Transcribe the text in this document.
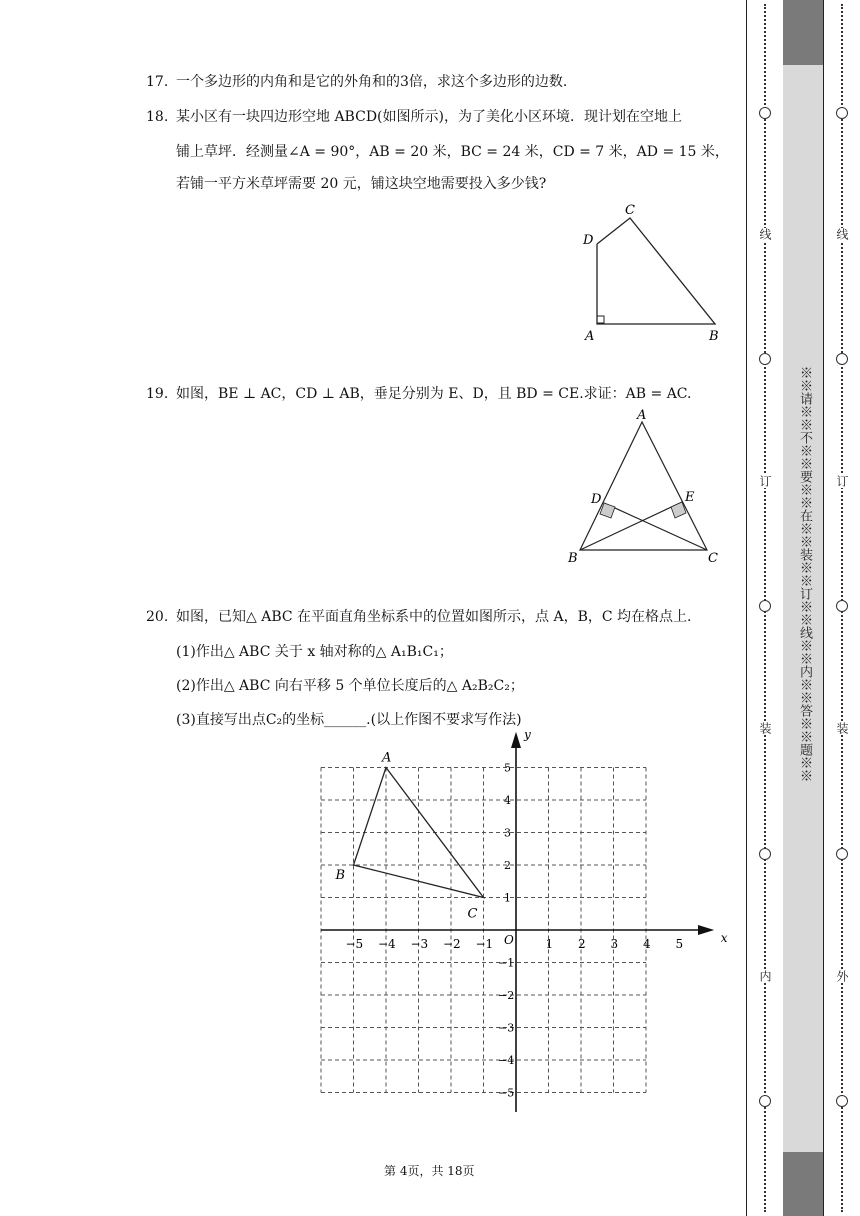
17. 一个多边形的内角和是它的外角和的3倍，求这个多边形的边数.
18. 某小区有一块四边形空地 ABCD(如图所示)，为了美化小区环境．现计划在空地上
铺上草坪．经测量∠A = 90°，AB = 20 米，BC = 24 米，CD = 7 米，AD = 15 米，
若铺一平方米草坪需要 20 元，铺这块空地需要投入多少钱?
C
D
A	B
19. 如图，BE ⊥ AC，CD ⊥ AB，垂足分别为 E、D，且 BD = CE.求证：AB = AC.
A
D	E
B	C
20. 如图，已知△ ABC 在平面直角坐标系中的位置如图所示，点 A，B，C 均在格点上.
(1)作出△ ABC 关于 x 轴对称的△ A₁B₁C₁；
(2)作出△ ABC 向右平移 5 个单位长度后的△ A₂B₂C₂；
(3)直接写出点C₂的坐标______.(以上作图不要求写作法)
x
y
O
−5 −4 −3 −2 −1	1 2 3 4 5
5
4
3
2
1
−1
−2
−3
−4
−5
A
B
C
第 4页，共 18页
线
订
装
内
※※请※※不※※要※※在※※装※※订※※线※※内※※答※※题※※
线
订
装
外
